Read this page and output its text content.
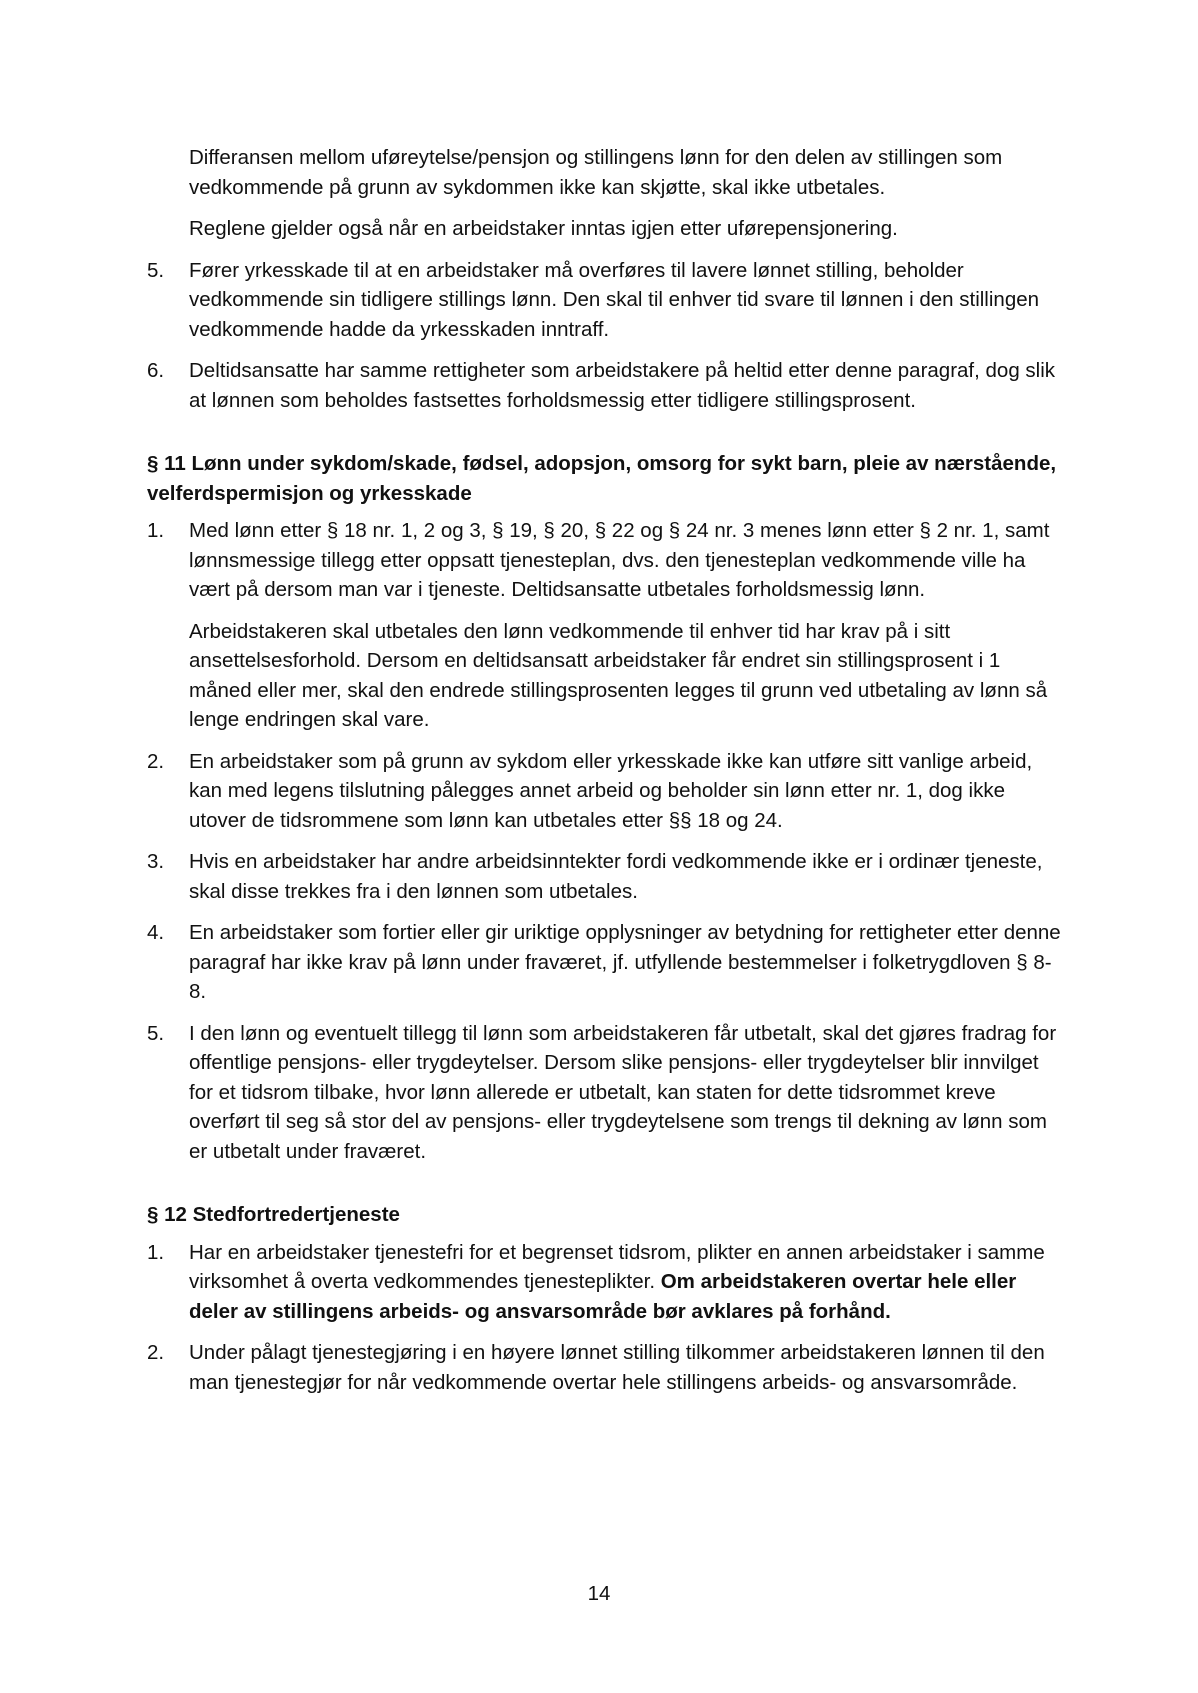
Differansen mellom uføreytelse/pensjon og stillingens lønn for den delen av stillingen som vedkommende på grunn av sykdommen ikke kan skjøtte, skal ikke utbetales.

Reglene gjelder også når en arbeidstaker inntas igjen etter uførepensjonering.

5.	Fører yrkesskade til at en arbeidstaker må overføres til lavere lønnet stilling, beholder vedkommende sin tidligere stillings lønn. Den skal til enhver tid svare til lønnen i den stillingen vedkommende hadde da yrkesskaden inntraff.
6.	Deltidsansatte har samme rettigheter som arbeidstakere på heltid etter denne paragraf, dog slik at lønnen som beholdes fastsettes forholdsmessig etter tidligere stillingsprosent.
§ 11 Lønn under sykdom/skade, fødsel, adopsjon, omsorg for sykt barn, pleie av nærstående, velferdspermisjon og yrkesskade
1.	Med lønn etter § 18 nr. 1, 2 og 3, § 19, § 20, § 22 og § 24 nr. 3 menes lønn etter § 2 nr. 1, samt lønnsmessige tillegg etter oppsatt tjenesteplan, dvs. den tjenesteplan vedkommende ville ha vært på dersom man var i tjeneste. Deltidsansatte utbetales forholdsmessig lønn.

Arbeidstakeren skal utbetales den lønn vedkommende til enhver tid har krav på i sitt ansettelsesforhold. Dersom en deltidsansatt arbeidstaker får endret sin stillingsprosent i 1 måned eller mer, skal den endrede stillingsprosenten legges til grunn ved utbetaling av lønn så lenge endringen skal vare.

2.	En arbeidstaker som på grunn av sykdom eller yrkesskade ikke kan utføre sitt vanlige arbeid, kan med legens tilslutning pålegges annet arbeid og beholder sin lønn etter nr. 1, dog ikke utover de tidsrommene som lønn kan utbetales etter §§ 18 og 24.
3.	Hvis en arbeidstaker har andre arbeidsinntekter fordi vedkommende ikke er i ordinær tjeneste, skal disse trekkes fra i den lønnen som utbetales.
4.	En arbeidstaker som fortier eller gir uriktige opplysninger av betydning for rettigheter etter denne paragraf har ikke krav på lønn under fraværet, jf. utfyllende bestemmelser i folketrygdloven § 8-8.
5.	I den lønn og eventuelt tillegg til lønn som arbeidstakeren får utbetalt, skal det gjøres fradrag for offentlige pensjons- eller trygdeytelser. Dersom slike pensjons- eller trygdeytelser blir innvilget for et tidsrom tilbake, hvor lønn allerede er utbetalt, kan staten for dette tidsrommet kreve overført til seg så stor del av pensjons- eller trygdeytelsene som trengs til dekning av lønn som er utbetalt under fraværet.
§ 12 Stedfortredertjeneste
1.	Har en arbeidstaker tjenestefri for et begrenset tidsrom, plikter en annen arbeidstaker i samme virksomhet å overta vedkommendes tjenesteplikter. Om arbeidstakeren overtar hele eller deler av stillingens arbeids- og ansvarsområde bør avklares på forhånd.
2.	Under pålagt tjenestegjøring i en høyere lønnet stilling tilkommer arbeidstakeren lønnen til den man tjenestegjør for når vedkommende overtar hele stillingens arbeids- og ansvarsområde.
14
